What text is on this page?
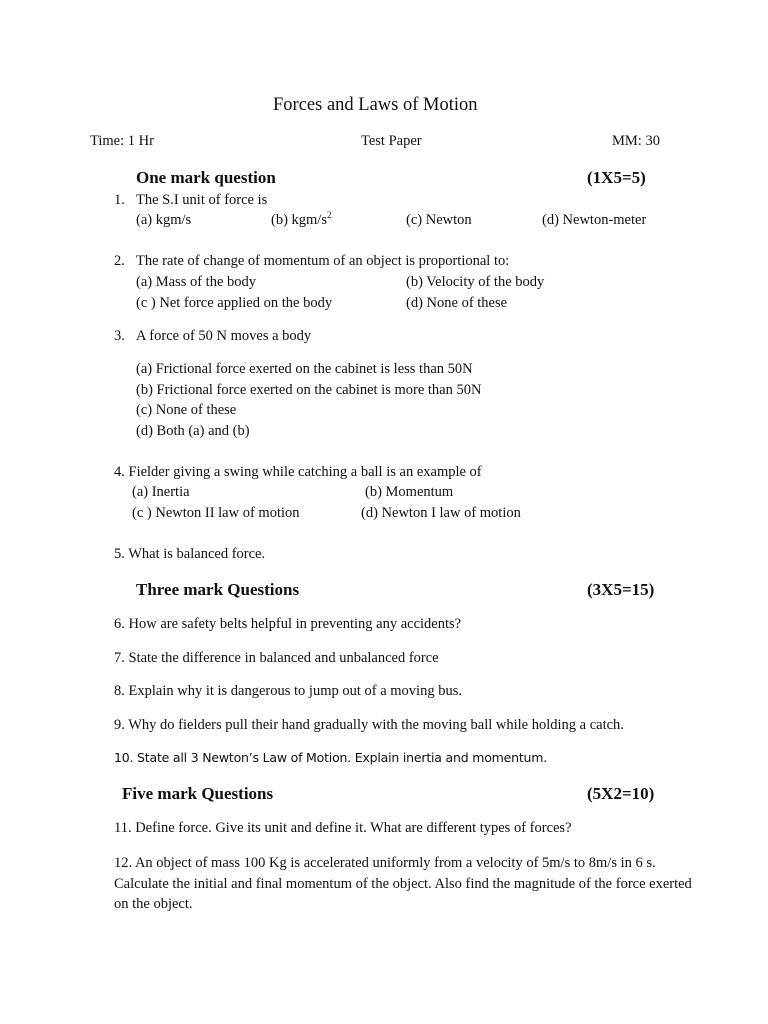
Forces and Laws of Motion
Time: 1 Hr	Test Paper	MM: 30
One mark question	(1X5=5)
1. The S.I unit of force is
(a) kgm/s	(b) kgm/$s^2$	(c) Newton	(d) Newton-meter
2. The rate of change of momentum of an object is proportional to:
(a) Mass of the body	(b) Velocity of the body
(c ) Net force applied on the body	(d) None of these
3. A force of 50 N moves a body
(a) Frictional force exerted on the cabinet is less than 50N
(b) Frictional force exerted on the cabinet is more than 50N
(c) None of these
(d) Both (a) and (b)
4. Fielder giving a swing while catching a ball is an example of
(a) Inertia	(b) Momentum
(c ) Newton II law of motion	(d) Newton I law of motion
5. What is balanced force.
Three mark Questions	(3X5=15)
6. How are safety belts helpful in preventing any accidents?
7. State the difference in balanced and unbalanced force
8. Explain why it is dangerous to jump out of a moving bus.
9. Why do fielders pull their hand gradually with the moving ball while holding a catch.
10. State all 3 Newton’s Law of Motion. Explain inertia and momentum.
Five mark Questions	(5X2=10)
11. Define force. Give its unit and define it. What are different types of forces?
12. An object of mass 100 Kg is accelerated uniformly from a velocity of 5m/s to 8m/s in 6 s. Calculate the initial and final momentum of the object. Also find the magnitude of the force exerted on the object.
